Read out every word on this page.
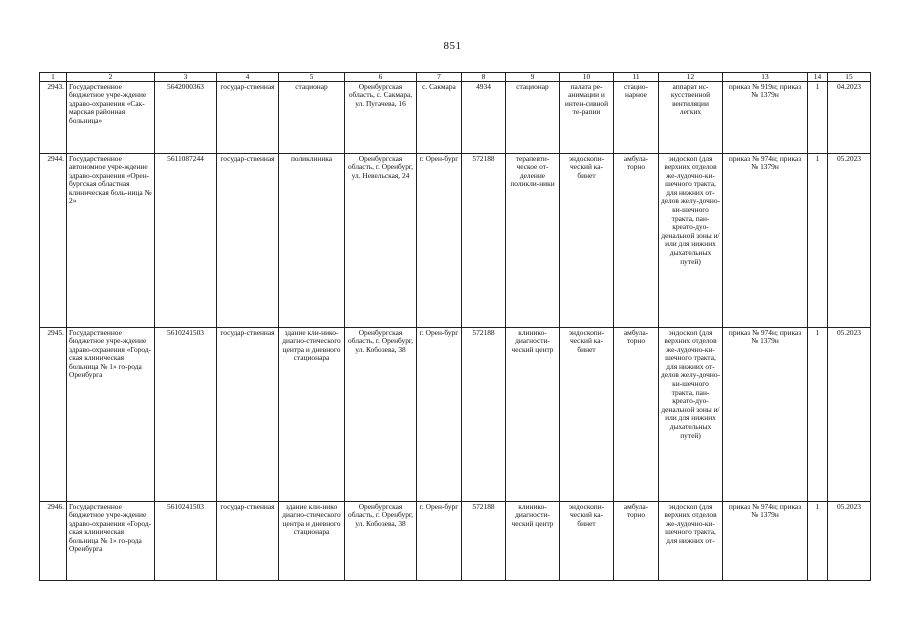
851
1	2	3	4	5	6	7	8	9	10	11	12	13	14	15
2943.	Государственное бюджетное учре-ждение здраво-охранения «Сак-марская районная больница»	5642000363	государ-ственная	стационар	Оренбургская область, с. Сакмара, ул. Пугачева, 16	с. Сакмара	4934	стационар	палата ре-анимации и интен-сивной те-рапии	стацио-нарное	аппарат ис-кусственной вентиляции легких	приказ № 919н; приказ № 1379н	1	04.2023
2944.	Государственное автономное учре-ждение здраво-охранения «Орен-бургская областная клиническая боль-ница № 2»	5611087244	государ-ственная	поликлиника	Оренбургская область, г. Оренбург, ул. Невельская, 24	г. Орен-бург	572188	терапевти-ческое от-деление поликли-ники	эндоскопи-ческий ка-бинет	амбула-торно	эндоскоп (для верхних отделов же-лудочно-ки-шечного тракта, для нижних от-делов желу-дочно-ки-шечного тракта, пан-креато-дуо-денальной зоны и/или для нижних дыхательных путей)	приказ № 974н; приказ № 1379н	1	05.2023
2945.	Государственное бюджетное учре-ждение здраво-охранения «Город-ская клиническая больница № 1» го-рода Оренбурга	5610241503	государ-ственная	здание кли-нико-диагно-стического центра и дневного стационара	Оренбургская область, г. Оренбург, ул. Кобозева, 38	г. Орен-бург	572188	клинико-диагности-ческий центр	эндоскопи-ческий ка-бинет	амбула-торно	эндоскоп (для верхних отделов же-лудочно-ки-шечного тракта, для нижних от-делов желу-дочно-ки-шечного тракта, пан-креато-дуо-денальной зоны и/или для нижних дыхательных путей)	приказ № 974н; приказ № 1379н	1	05.2023
2946.	Государственное бюджетное учре-ждение здраво-охранения «Город-ская клиническая больница № 1» го-рода Оренбурга	5610241503	государ-ственная	здание кли-нико диагно-стического центра и дневного стационара	Оренбургская область, г. Оренбург, ул. Кобозева, 38	г. Орен-бург	572188	клинико-диагности-ческий центр	эндоскопи-ческий ка-бинет	амбула-торно	эндоскоп (для верхних отделов же-лудочно-ки-шечного тракта, для нижних от-	приказ № 974н; приказ № 1379н	1	05.2023
